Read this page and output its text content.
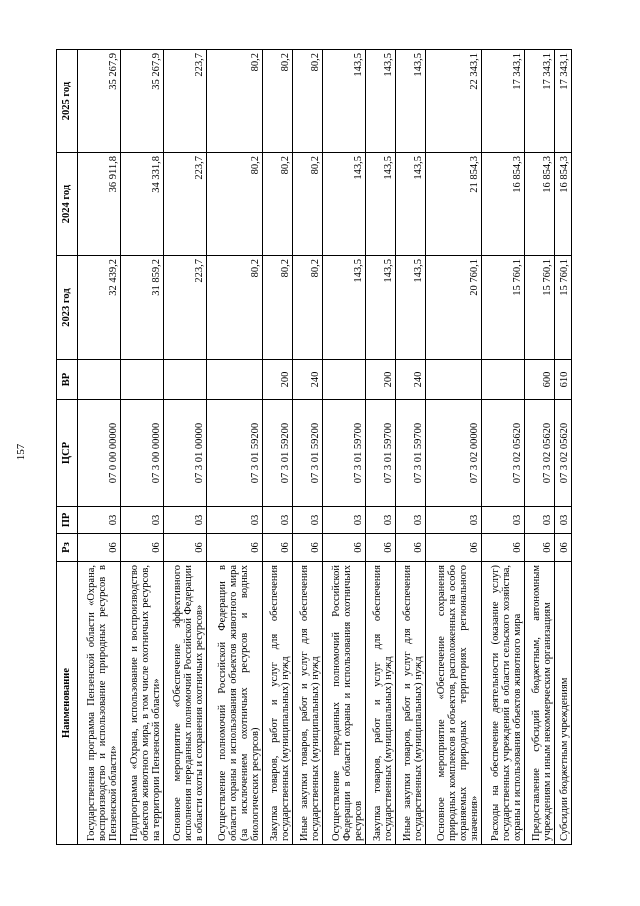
157
Наименование	Рз	ПР	ЦСР	ВР	2023 год	2024 год	2025 год
Государственная программа Пензенской области «Охрана, воспроизводство и использование природных ресурсов в Пензенской области»	06	03	07 0 00 00000		32 439,2	36 911,8	35 267,9
Подпрограмма «Охрана, использование и воспроизводство объектов животного мира, в том числе охотничьих ресурсов, на территории Пензенской области»	06	03	07 3 00 00000		31 859,2	34 331,8	35 267,9
Основное мероприятие «Обеспечение эффективного исполнения переданных полномочий Российской Федерации в области охоты и сохранения охотничьих ресурсов»	06	03	07 3 01 00000		223,7	223,7	223,7
Осуществление полномочий Российской Федерации в области охраны и использования объектов животного мира (за исключением охотничьих ресурсов и водных биологических ресурсов)	06	03	07 3 01 59200		80,2	80,2	80,2
Закупка товаров, работ и услуг для обеспечения государственных (муниципальных) нужд	06	03	07 3 01 59200	200	80,2	80,2	80,2
Иные закупки товаров, работ и услуг для обеспечения государственных (муниципальных) нужд	06	03	07 3 01 59200	240	80,2	80,2	80,2
Осуществление переданных полномочий Российской Федерации в области охраны и использования охотничьих ресурсов	06	03	07 3 01 59700		143,5	143,5	143,5
Закупка товаров, работ и услуг для обеспечения государственных (муниципальных) нужд	06	03	07 3 01 59700	200	143,5	143,5	143,5
Иные закупки товаров, работ и услуг для обеспечения государственных (муниципальных) нужд	06	03	07 3 01 59700	240	143,5	143,5	143,5
Основное мероприятие «Обеспечение сохранения природных комплексов и объектов, расположенных на особо охраняемых природных территориях регионального значения»	06	03	07 3 02 00000		20 760,1	21 854,3	22 343,1
Расходы на обеспечение деятельности (оказание услуг) государственных учреждений в области сельского хозяйства, охраны и использования объектов животного мира	06	03	07 3 02 05620		15 760,1	16 854,3	17 343,1
Предоставление субсидий бюджетным, автономным учреждениям и иным некоммерческим организациям	06	03	07 3 02 05620	600	15 760,1	16 854,3	17 343,1
Субсидии бюджетным учреждениям	06	03	07 3 02 05620	610	15 760,1	16 854,3	17 343,1
